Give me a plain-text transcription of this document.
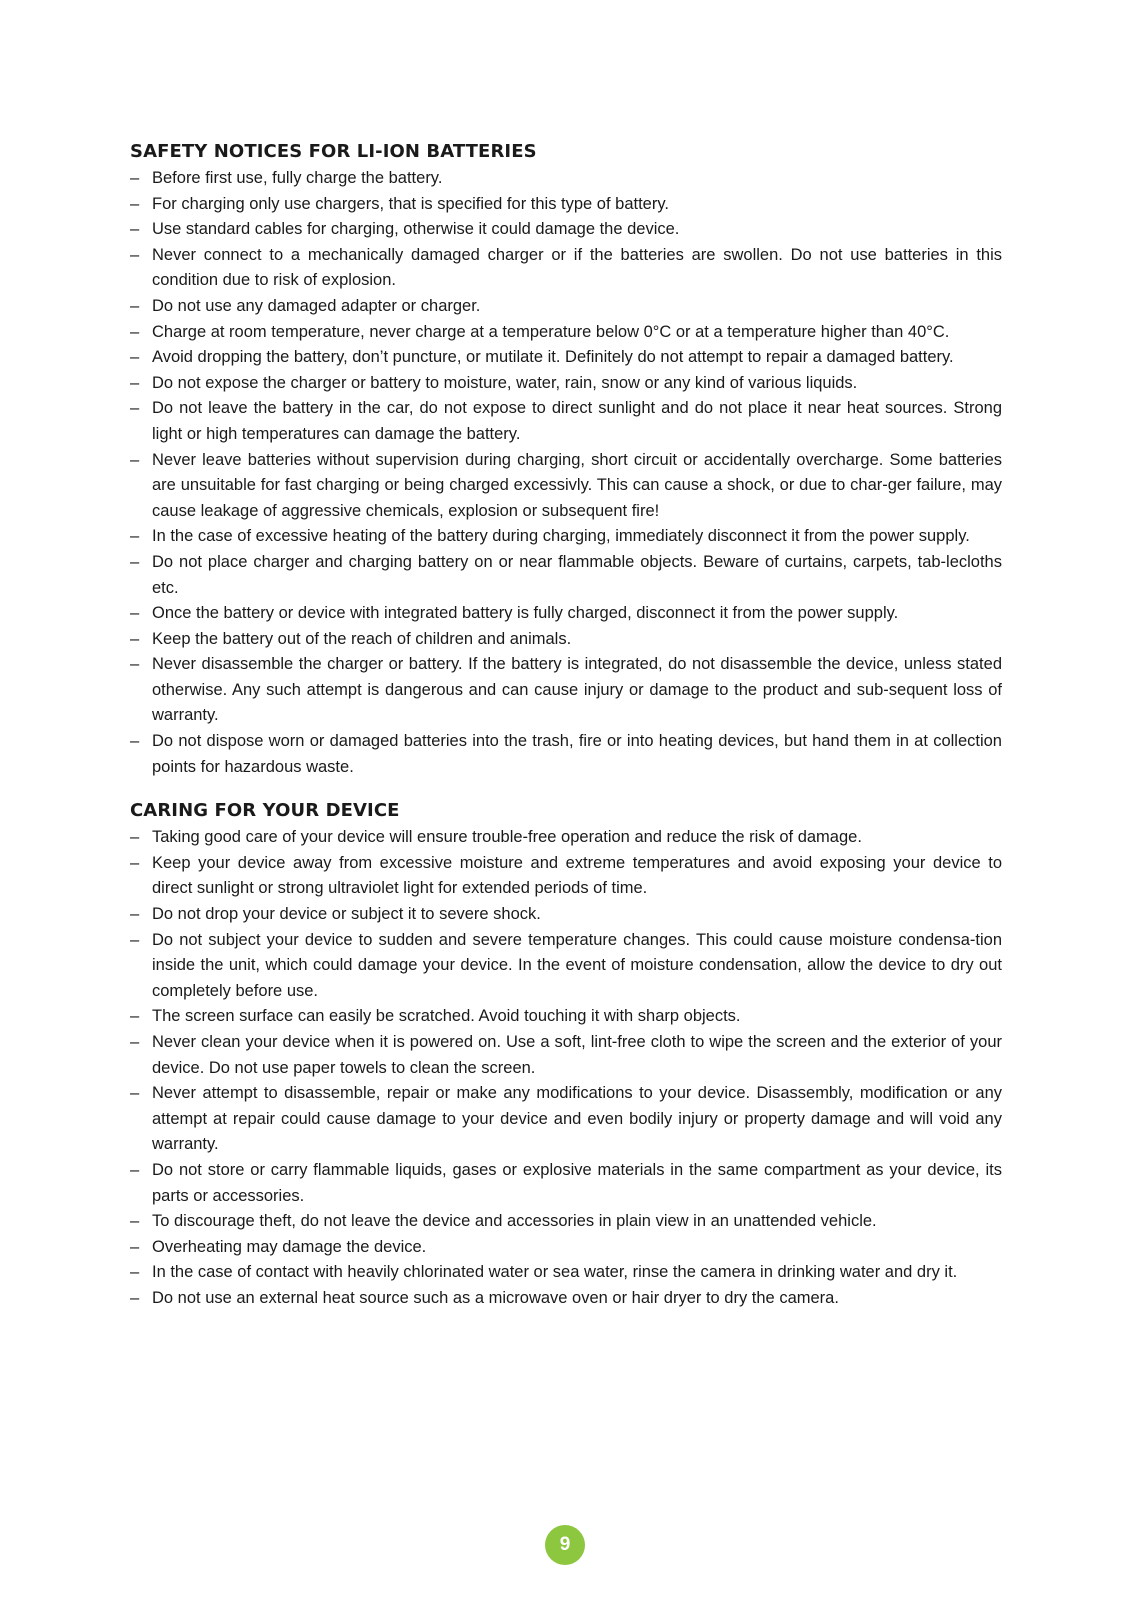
SAFETY NOTICES FOR LI-ION BATTERIES
– Before first use, fully charge the battery.
– For charging only use chargers, that is specified for this type of battery.
– Use standard cables for charging, otherwise it could damage the device.
– Never connect to a mechanically damaged charger or if the batteries are swollen. Do not use batteries in this condition due to risk of explosion.
– Do not use any damaged adapter or charger.
– Charge at room temperature, never charge at a temperature below 0°C or at a temperature higher than 40°C.
– Avoid dropping the battery, don’t puncture, or mutilate it. Definitely do not attempt to repair a damaged battery.
– Do not expose the charger or battery to moisture, water, rain, snow or any kind of various liquids.
– Do not leave the battery in the car, do not expose to direct sunlight and do not place it near heat sources. Strong light or high temperatures can damage the battery.
– Never leave batteries without supervision during charging, short circuit or accidentally overcharge. Some batteries are unsuitable for fast charging or being charged excessivly. This can cause a shock, or due to char-ger failure, may cause leakage of aggressive chemicals, explosion or subsequent fire!
– In the case of excessive heating of the battery during charging, immediately disconnect it from the power supply.
– Do not place charger and charging battery on or near flammable objects. Beware of curtains, carpets, tab-lecloths etc.
– Once the battery or device with integrated battery is fully charged, disconnect it from the power supply.
– Keep the battery out of the reach of children and animals.
– Never disassemble the charger or battery. If the battery is integrated, do not disassemble the device, unless stated otherwise. Any such attempt is dangerous and can cause injury or damage to the product and sub-sequent loss of warranty.
– Do not dispose worn or damaged batteries into the trash, fire or into heating devices, but hand them in at collection points for hazardous waste.
CARING FOR YOUR DEVICE
– Taking good care of your device will ensure trouble-free operation and reduce the risk of damage.
– Keep your device away from excessive moisture and extreme temperatures and avoid exposing your device to direct sunlight or strong ultraviolet light for extended periods of time.
– Do not drop your device or subject it to severe shock.
– Do not subject your device to sudden and severe temperature changes. This could cause moisture condensa-tion inside the unit, which could damage your device. In the event of moisture condensation, allow the device to dry out completely before use.
– The screen surface can easily be scratched. Avoid touching it with sharp objects.
– Never clean your device when it is powered on. Use a soft, lint-free cloth to wipe the screen and the exterior of your device. Do not use paper towels to clean the screen.
– Never attempt to disassemble, repair or make any modifications to your device. Disassembly, modification or any attempt at repair could cause damage to your device and even bodily injury or property damage and will void any warranty.
– Do not store or carry flammable liquids, gases or explosive materials in the same compartment as your device, its parts or accessories.
– To discourage theft, do not leave the device and accessories in plain view in an unattended vehicle.
– Overheating may damage the device.
– In the case of contact with heavily chlorinated water or sea water, rinse the camera in drinking water and dry it.
– Do not use an external heat source such as a microwave oven or hair dryer to dry the camera.
9
